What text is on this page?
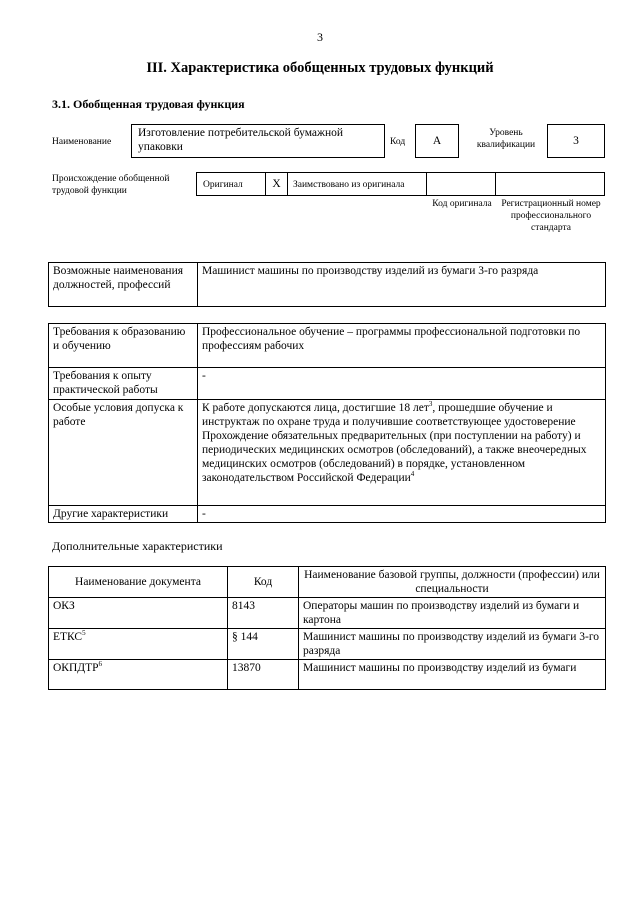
3
III. Характеристика обобщенных трудовых функций
3.1. Обобщенная трудовая функция
Наименование
Изготовление потребительской бумажной упаковки	Код	А
Уровень квалификации	3
Происхождение обобщенной трудовой функции
Оригинал	Х	Заимствовано из оригинала
Код оригинала Регистрационный номер профессионального стандарта
Возможные наименования должностей, профессий	Машинист машины по производству изделий из бумаги 3-го разряда
Требования к образованию и обучению	Профессиональное обучение – программы профессиональной подготовки по профессиям рабочих
Требования к опыту практической работы	-
Особые условия допуска к работе	К работе допускаются лица, достигшие 18 лет$^3$, прошедшие обучение и инструктаж по охране труда и получившие соответствующее удостоверение
Прохождение обязательных предварительных (при поступлении на работу) и периодических медицинских осмотров (обследований), а также внеочередных медицинских осмотров (обследований) в порядке, установленном законодательством Российской Федерации$^4$
Другие характеристики	-
Дополнительные характеристики
Наименование документа	Код	Наименование базовой группы, должности (профессии) или специальности
ОКЗ	8143	Операторы машин по производству изделий из бумаги и картона
ЕТКС$^5$	§ 144	Машинист машины по производству изделий из бумаги 3-го разряда
ОКПДТР$^6$	13870	Машинист машины по производству изделий из бумаги
